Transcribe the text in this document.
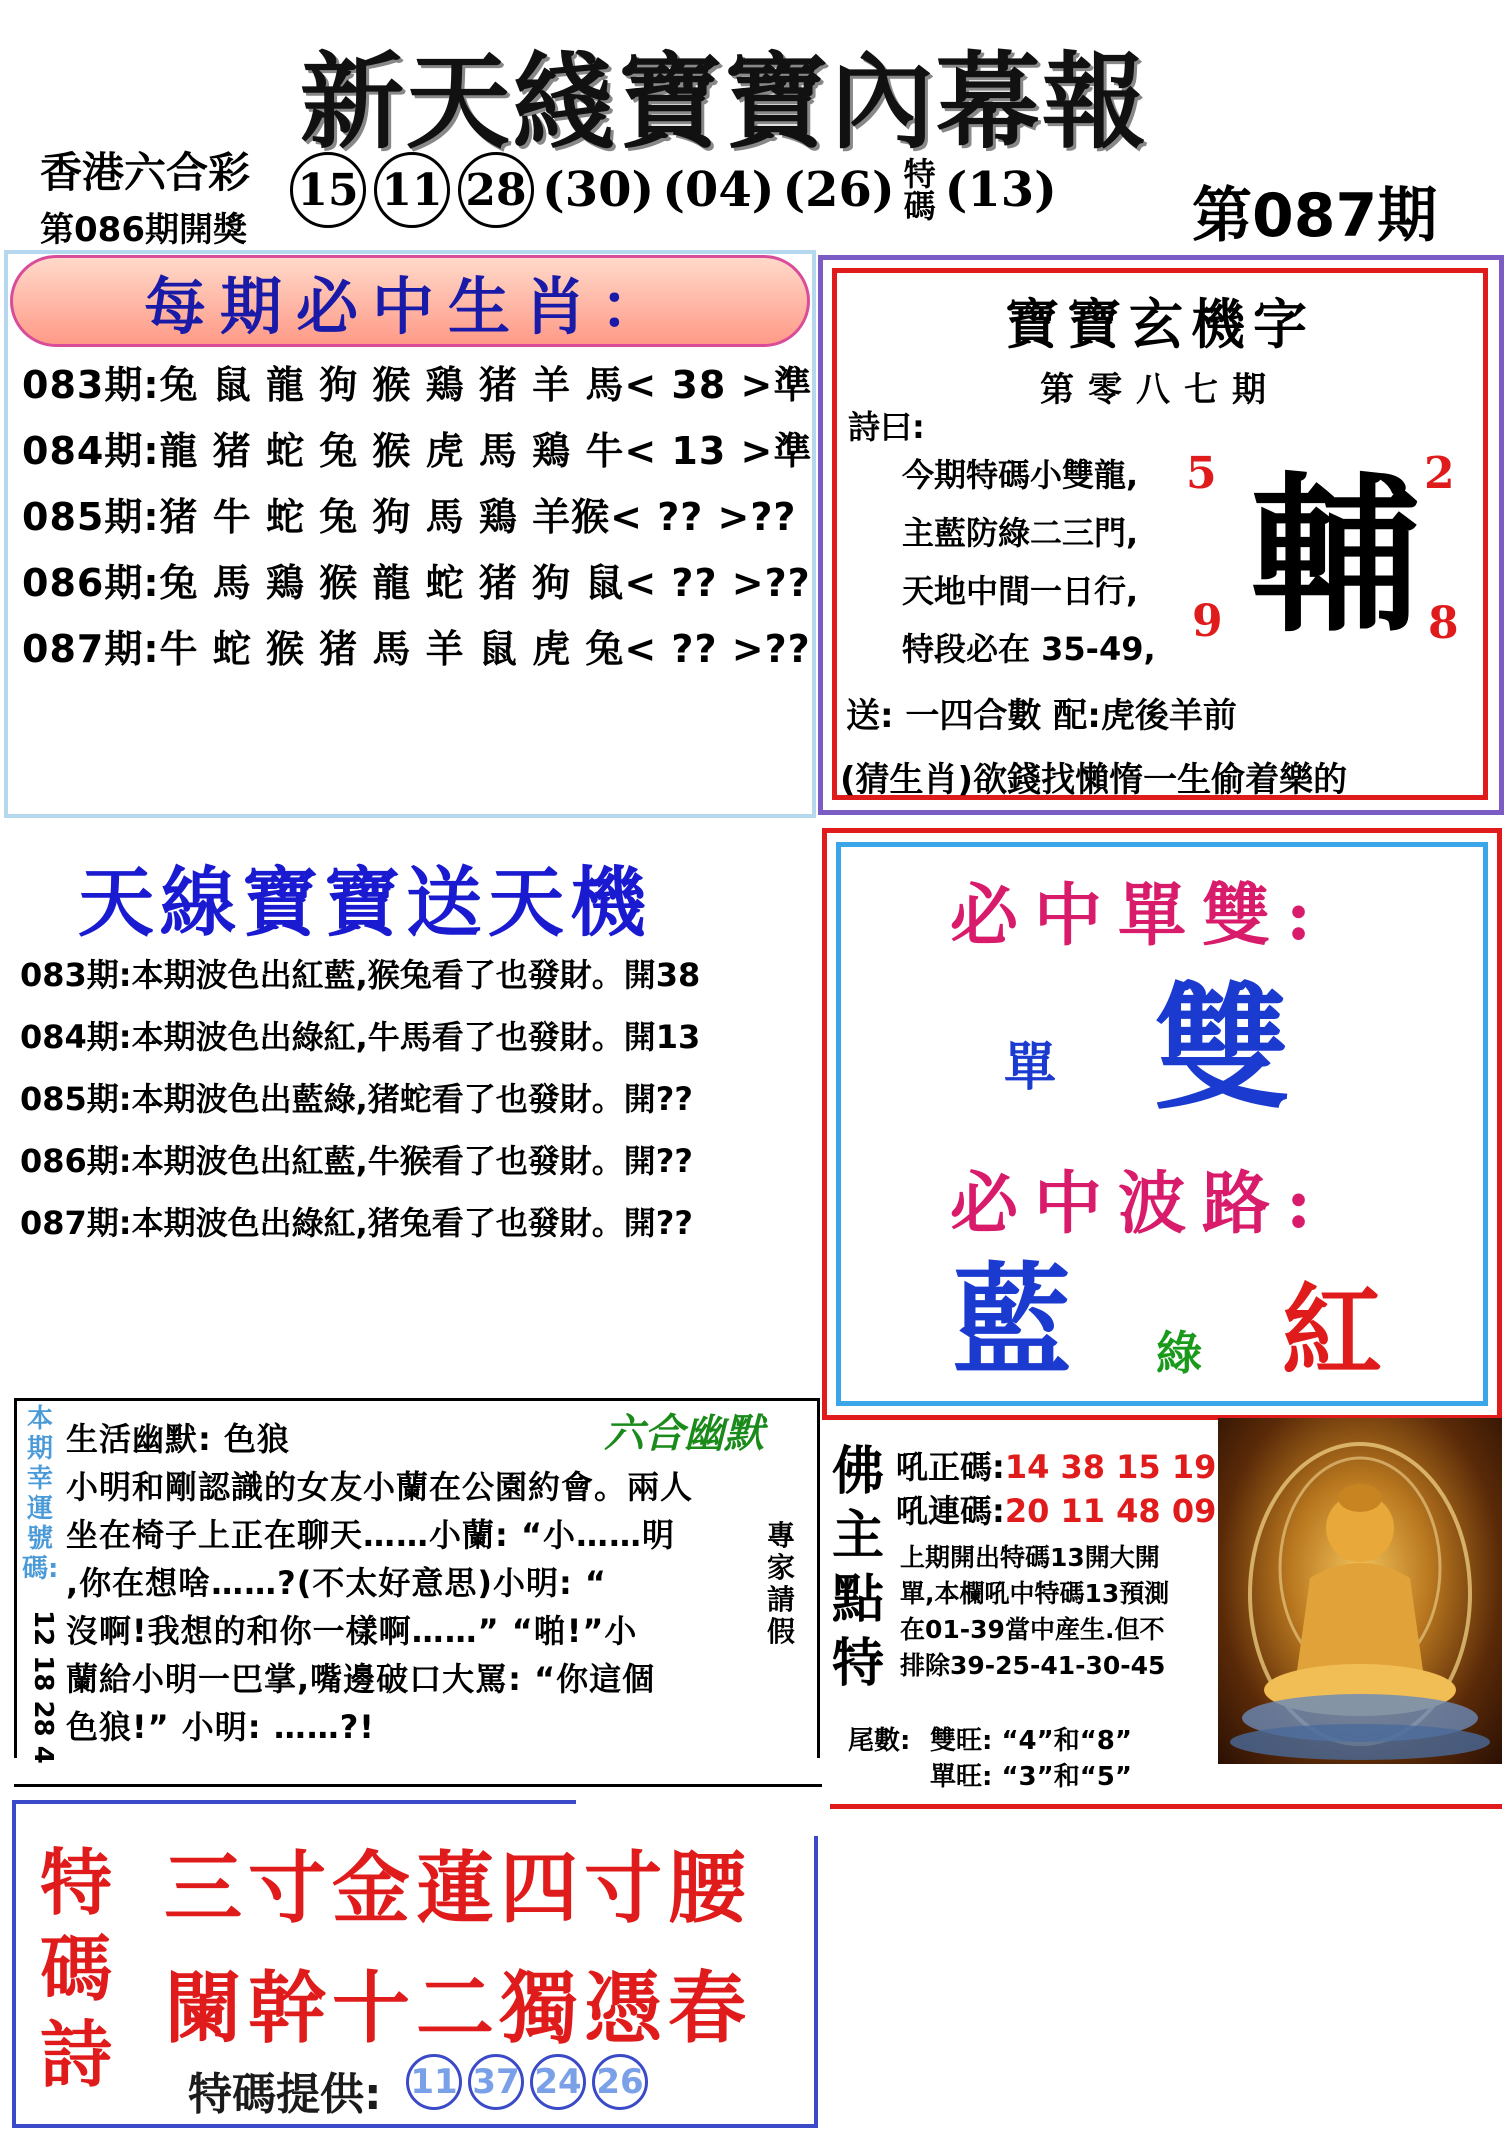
新天綫寶寶內幕報
香港六合彩
第086期開獎
15 11 28 (30) (04) (26) 特碼 (13) 第087期
每期必中生肖：
083期:兔 鼠 龍 狗 猴 鶏 猪 羊 馬< 38 >準
084期:龍 猪 蛇 兔 猴 虎 馬 鶏 牛< 13 >準
085期:猪 牛 蛇 兔 狗 馬 鶏 羊猴< ?? >??
086期:兔 馬 鶏 猴 龍 蛇 猪 狗 鼠< ?? >??
087期:牛 蛇 猴 猪 馬 羊 鼠 虎 兔< ?? >??
寶寶玄機字
第零八七期
詩曰:
今期特碼小雙龍,
主藍防綠二三門,
天地中間一日行,
特段必在 35-49,
5	2
9	8
輔
送: 一四合數 配:虎後羊前
(猜生肖)欲錢找懶惰一生偷着樂的
天線寶寶送天機
083期:本期波色出紅藍,猴兔看了也發財。開38
084期:本期波色出綠紅,牛馬看了也發財。開13
085期:本期波色出藍綠,猪蛇看了也發財。開??
086期:本期波色出紅藍,牛猴看了也發財。開??
087期:本期波色出綠紅,猪兔看了也發財。開??
必中單雙:
單 雙
必中波路:
藍 綠 紅
本期幸運號碼:
12 18 28 4
六合幽默
專家請假
生活幽默: 色狼
小明和剛認識的女友小蘭在公園約會。兩人
坐在椅子上正在聊天……小蘭: “小……明
,你在想啥……?(不太好意思)小明: “
沒啊!我想的和你一樣啊……” “啪!”小
蘭給小明一巴掌,嘴邊破口大罵: “你這個
色狼!” 小明: ……?!
佛主點特
吼正碼:14 38 15 19
吼連碼:20 11 48 09
上期開出特碼13開大開
單,本欄吼中特碼13預測
在01-39當中産生.但不
排除39-25-41-30-45
尾數: 雙旺: “4”和“8”
單旺: “3”和“5”
特碼詩
三寸金蓮四寸腰
闌幹十二獨憑春
特碼提供: 11 37 24 26
